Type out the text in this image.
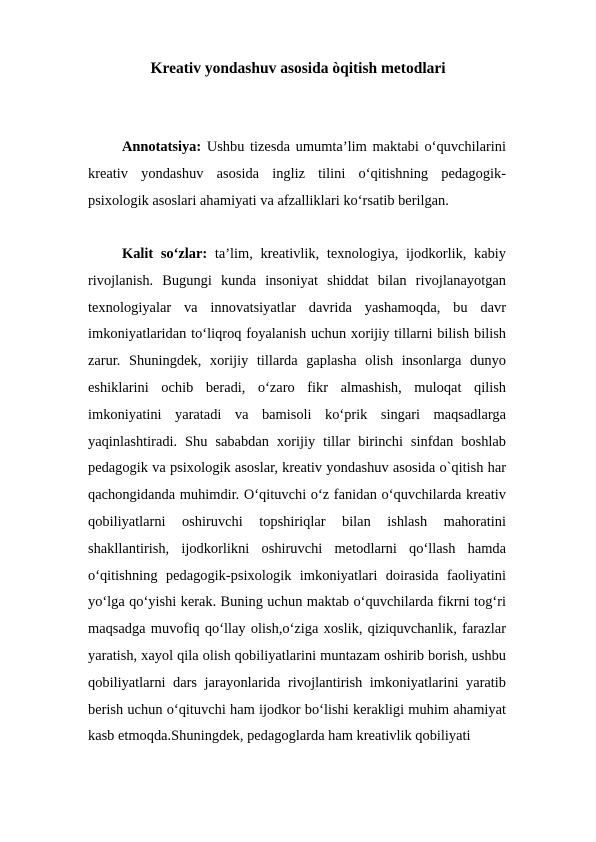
Kreativ yondashuv asosida òqitish metodlari

Annotatsiya: Ushbu tizesda umumta’lim maktabi o‘quvchilarini kreativ yondashuv asosida ingliz tilini o‘qitishning pedagogik-psixologik asoslari ahamiyati va afzalliklari ko‘rsatib berilgan.

Kalit so‘zlar: ta’lim, kreativlik, texnologiya, ijodkorlik, kabiy rivojlanish. Bugungi kunda insoniyat shiddat bilan rivojlanayotgan texnologiyalar va innovatsiyatlar davrida yashamoqda, bu davr imkoniyatlaridan to‘liqroq foyalanish uchun xorijiy tillarni bilish bilish zarur. Shuningdek, xorijiy tillarda gaplasha olish insonlarga dunyo eshiklarini ochib beradi, o‘zaro fikr almashish, muloqat qilish imkoniyatini yaratadi va bamisoli ko‘prik singari maqsadlarga yaqinlashtiradi. Shu sababdan xorijiy tillar birinchi sinfdan boshlab pedagogik va psixologik asoslar, kreativ yondashuv asosida o`qitish har qachongidanda muhimdir. O‘qituvchi o‘z fanidan o‘quvchilarda kreativ qobiliyatlarni oshiruvchi topshiriqlar bilan ishlash mahoratini shakllantirish, ijodkorlikni oshiruvchi metodlarni qo‘llash hamda o‘qitishning pedagogik-psixologik imkoniyatlari doirasida faoliyatini yo‘lga qo‘yishi kerak. Buning uchun maktab o‘quvchilarda fikrni tog‘ri maqsadga muvofiq qo‘llay olish,o‘ziga xoslik, qiziquvchanlik, farazlar yaratish, xayol qila olish qobiliyatlarini muntazam oshirib borish, ushbu qobiliyatlarni dars jarayonlarida rivojlantirish imkoniyatlarini yaratib berish uchun o‘qituvchi ham ijodkor bo‘lishi kerakligi muhim ahamiyat kasb etmoqda.Shuningdek, pedagoglarda ham kreativlik qobiliyati
